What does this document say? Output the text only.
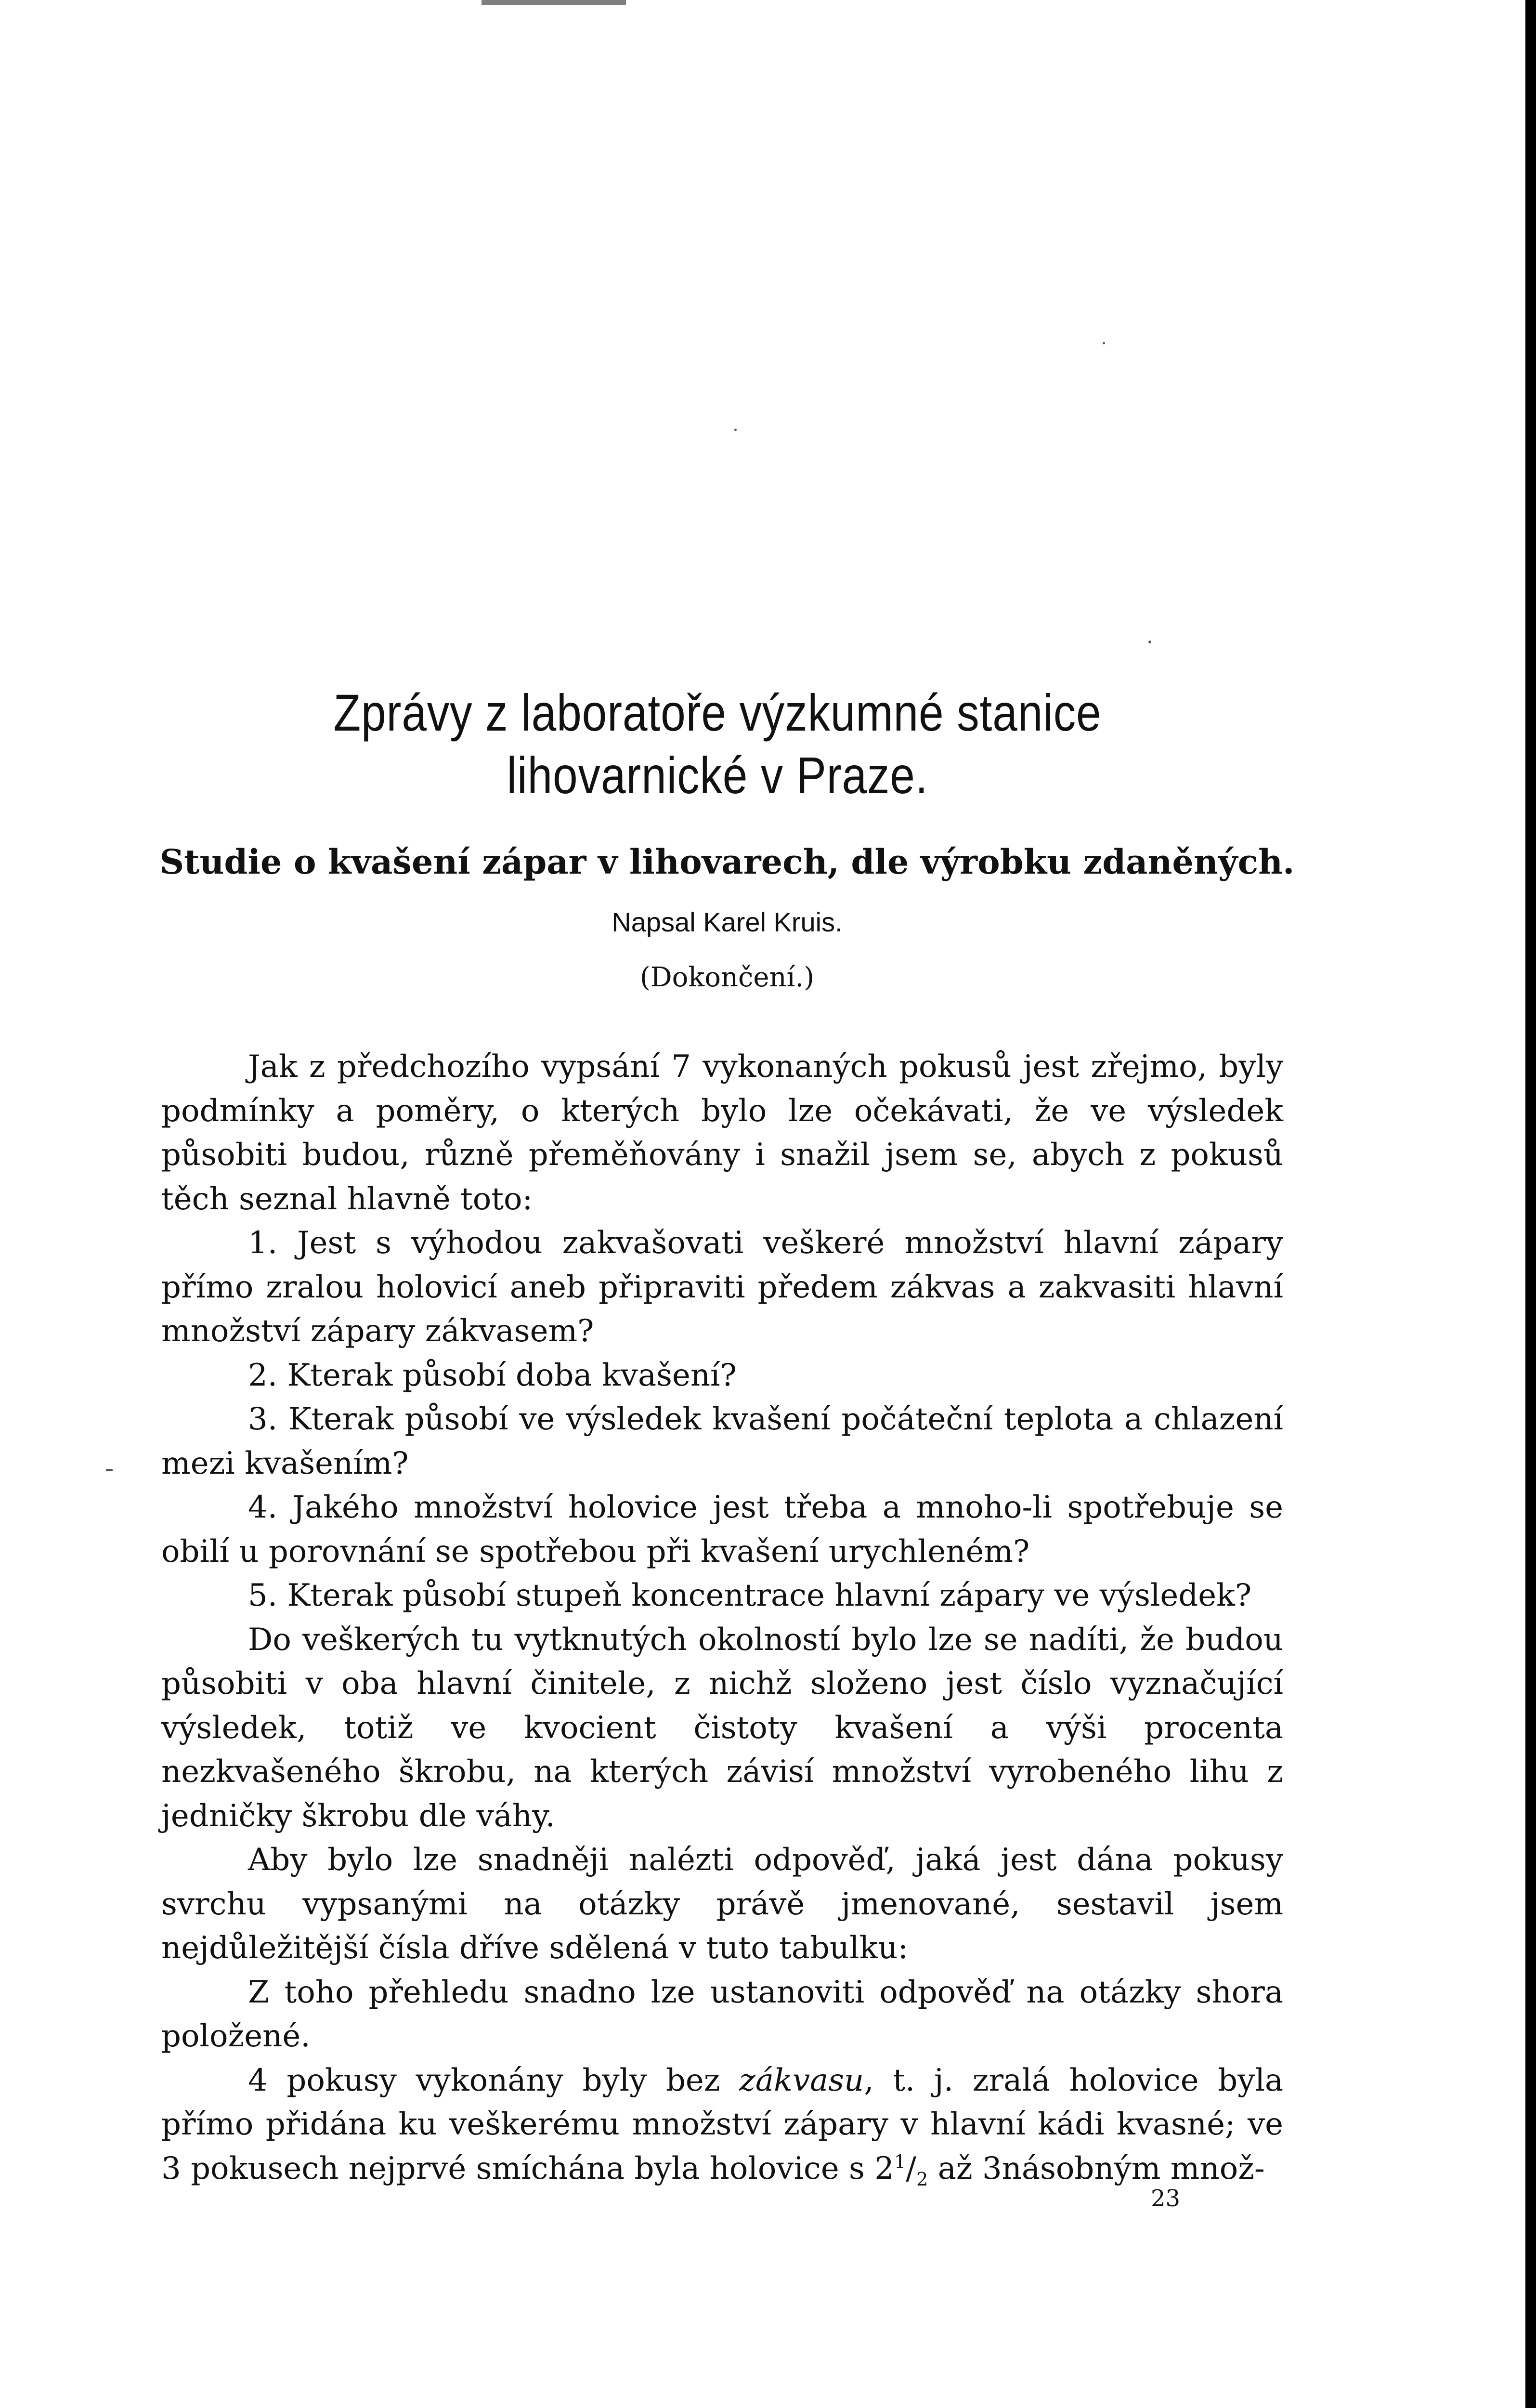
Zprávy z laboratoře výzkumné stanice lihovarnické v Praze.
Studie o kvašení zápar v lihovarech, dle výrobku zdaněných.
Napsal Karel Kruis.
(Dokončení.)

Jak z předchozího vypsání 7 vykonaných pokusů jest zřejmo, byly podmínky a poměry, o kterých bylo lze očekávati, že ve výsledek působiti budou, různě přeměňovány i snažil jsem se, abych z pokusů těch seznal hlavně toto:

1. Jest s výhodou zakvašovati veškeré množství hlavní zápary přímo zralou holovicí aneb připraviti předem zákvas a zakvasiti hlavní množství zápary zákvasem?

2. Kterak působí doba kvašení?

3. Kterak působí ve výsledek kvašení počáteční teplota a chlazení mezi kvašením?

4. Jakého množství holovice jest třeba a mnoho-li spotřebuje se obilí u porovnání se spotřebou při kvašení urychleném?

5. Kterak působí stupeň koncentrace hlavní zápary ve výsledek?

Do veškerých tu vytknutých okolností bylo lze se nadíti, že budou působiti v oba hlavní činitele, z nichž složeno jest číslo vyznačující výsledek, totiž ve kvocient čistoty kvašení a výši procenta nezkvašeného škrobu, na kterých závisí množství vyrobeného lihu z jedničky škrobu dle váhy.

Aby bylo lze snadněji nalézti odpověď, jaká jest dána pokusy svrchu vypsanými na otázky právě jmenované, sestavil jsem nejdůležitější čísla dříve sdělená v tuto tabulku:

Z toho přehledu snadno lze ustanoviti odpověď na otázky shora položené.

4 pokusy vykonány byly bez zákvasu, t. j. zralá holovice byla přímo přidána ku veškerému množství zápary v hlavní kádi kvasné; ve 3 pokusech nejprvé smíchána byla holovice s $2^1/_2$ až 3násobným množ-

23
